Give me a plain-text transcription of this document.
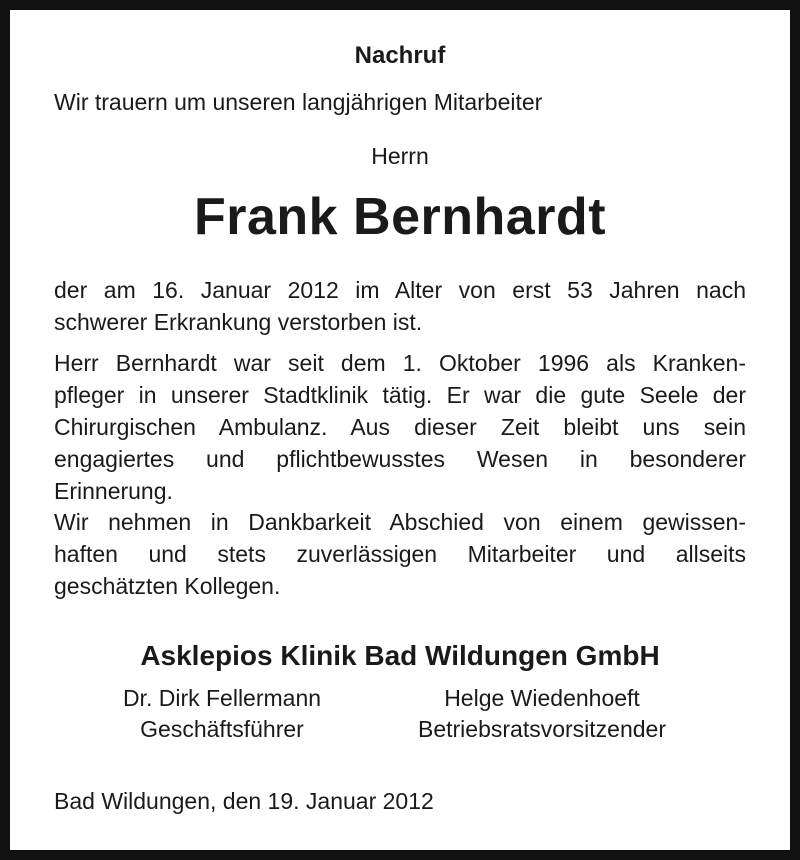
Nachruf
Wir trauern um unseren langjährigen Mitarbeiter
Herrn
Frank Bernhardt
der am 16. Januar 2012 im Alter von erst 53 Jahren nach
schwerer Erkrankung verstorben ist.
Herr Bernhardt war seit dem 1. Oktober 1996 als Kranken-
pfleger in unserer Stadtklinik tätig. Er war die gute Seele der
Chirurgischen Ambulanz. Aus dieser Zeit bleibt uns sein
engagiertes und pflichtbewusstes Wesen in besonderer
Erinnerung.
Wir nehmen in Dankbarkeit Abschied von einem gewissen-
haften und stets zuverlässigen Mitarbeiter und allseits
geschätzten Kollegen.
Asklepios Klinik Bad Wildungen GmbH
Dr. Dirk Fellermann
Geschäftsführer
Helge Wiedenhoeft
Betriebsratsvorsitzender
Bad Wildungen, den 19. Januar 2012
